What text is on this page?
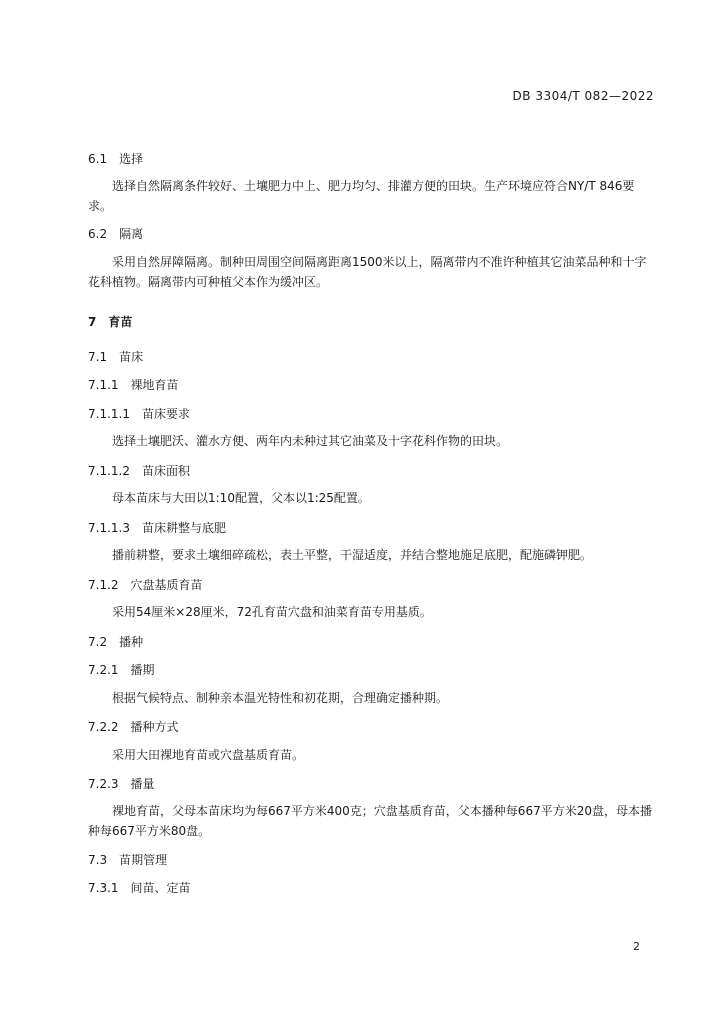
DB 3304/T 082—2022
6.1　选择
选择自然隔离条件较好、土壤肥力中上、肥力均匀、排灌方便的田块。生产环境应符合NY/T 846要求。
6.2　隔离
采用自然屏障隔离。制种田周围空间隔离距离1500米以上，隔离带内不准许种植其它油菜品种和十字花科植物。隔离带内可种植父本作为缓冲区。
7　育苗
7.1　苗床
7.1.1　裸地育苗
7.1.1.1　苗床要求
选择土壤肥沃、灌水方便、两年内未种过其它油菜及十字花科作物的田块。
7.1.1.2　苗床面积
母本苗床与大田以1:10配置，父本以1:25配置。
7.1.1.3　苗床耕整与底肥
播前耕整，要求土壤细碎疏松，表土平整，干湿适度，并结合整地施足底肥，配施磷钾肥。
7.1.2　穴盘基质育苗
采用54厘米×28厘米，72孔育苗穴盘和油菜育苗专用基质。
7.2　播种
7.2.1　播期
根据气候特点、制种亲本温光特性和初花期，合理确定播种期。
7.2.2　播种方式
采用大田裸地育苗或穴盘基质育苗。
7.2.3　播量
裸地育苗，父母本苗床均为每667平方米400克；穴盘基质育苗，父本播种每667平方米20盘，母本播种每667平方米80盘。
7.3　苗期管理
7.3.1　间苗、定苗
2
